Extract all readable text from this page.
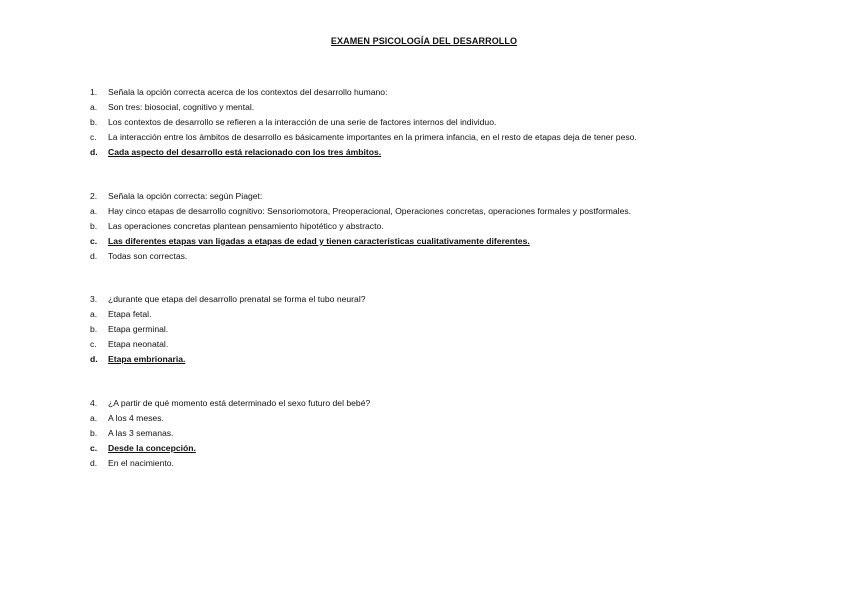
EXAMEN PSICOLOGÍA DEL DESARROLLO
1.	Señala la opción correcta acerca de los contextos del desarrollo humano:
a.	Son tres: biosocial, cognitivo y mental.
b.	Los contextos de desarrollo se refieren a la interacción de una serie de factores internos del individuo.
c.	La interacción entre los ámbitos de desarrollo es básicamente importantes en la primera infancia, en el resto de etapas deja de tener peso.
d.	Cada aspecto del desarrollo está relacionado con los tres ámbitos.
2.	Señala la opción correcta: según Piaget:
a.	Hay cinco etapas de desarrollo cognitivo: Sensoriomotora, Preoperacional, Operaciones concretas, operaciones formales y postformales.
b.	Las operaciones concretas plantean pensamiento hipotético y abstracto.
c.	Las diferentes etapas van ligadas a etapas de edad y tienen características cualitativamente diferentes.
d.	Todas son correctas.
3.	¿durante que etapa del desarrollo prenatal se forma el tubo neural?
a.	Etapa fetal.
b.	Etapa germinal.
c.	Etapa neonatal.
d.	Etapa embrionaria.
4.	¿A partir de qué momento está determinado el sexo futuro del bebé?
a.	A los 4 meses.
b.	A las 3 semanas.
c.	Desde la concepción.
d.	En el nacimiento.
